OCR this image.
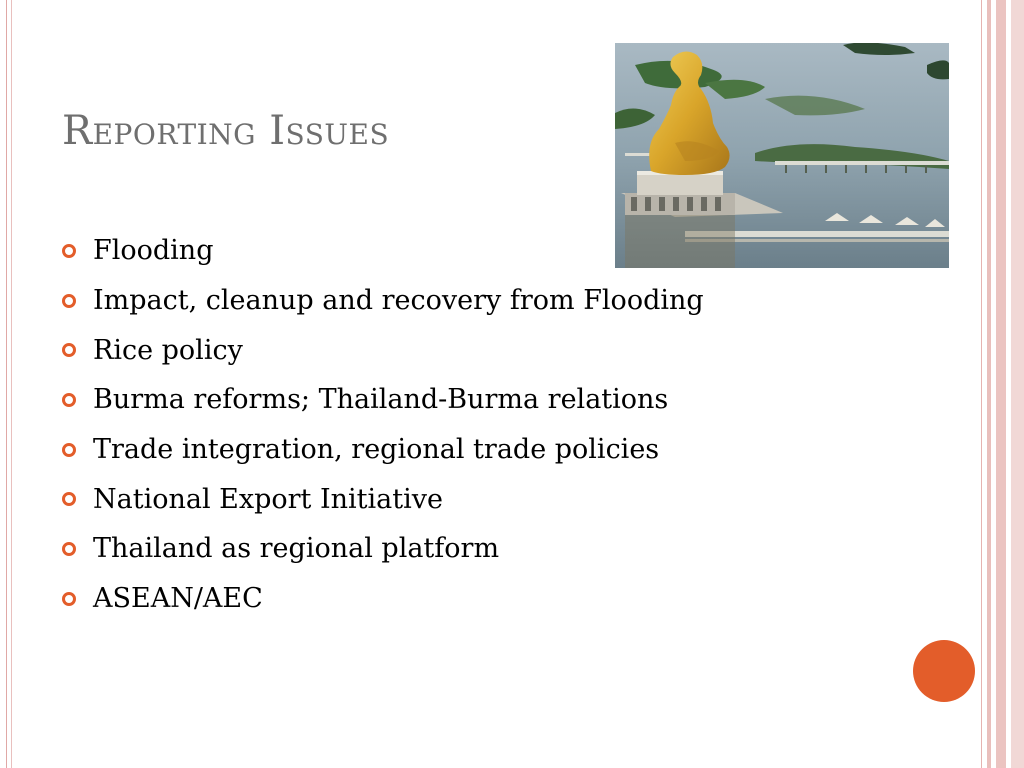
Reporting Issues
Flooding
Impact, cleanup and recovery from Flooding
Rice policy
Burma reforms; Thailand-Burma relations
Trade integration, regional trade policies
National Export Initiative
Thailand as regional platform
ASEAN/AEC
